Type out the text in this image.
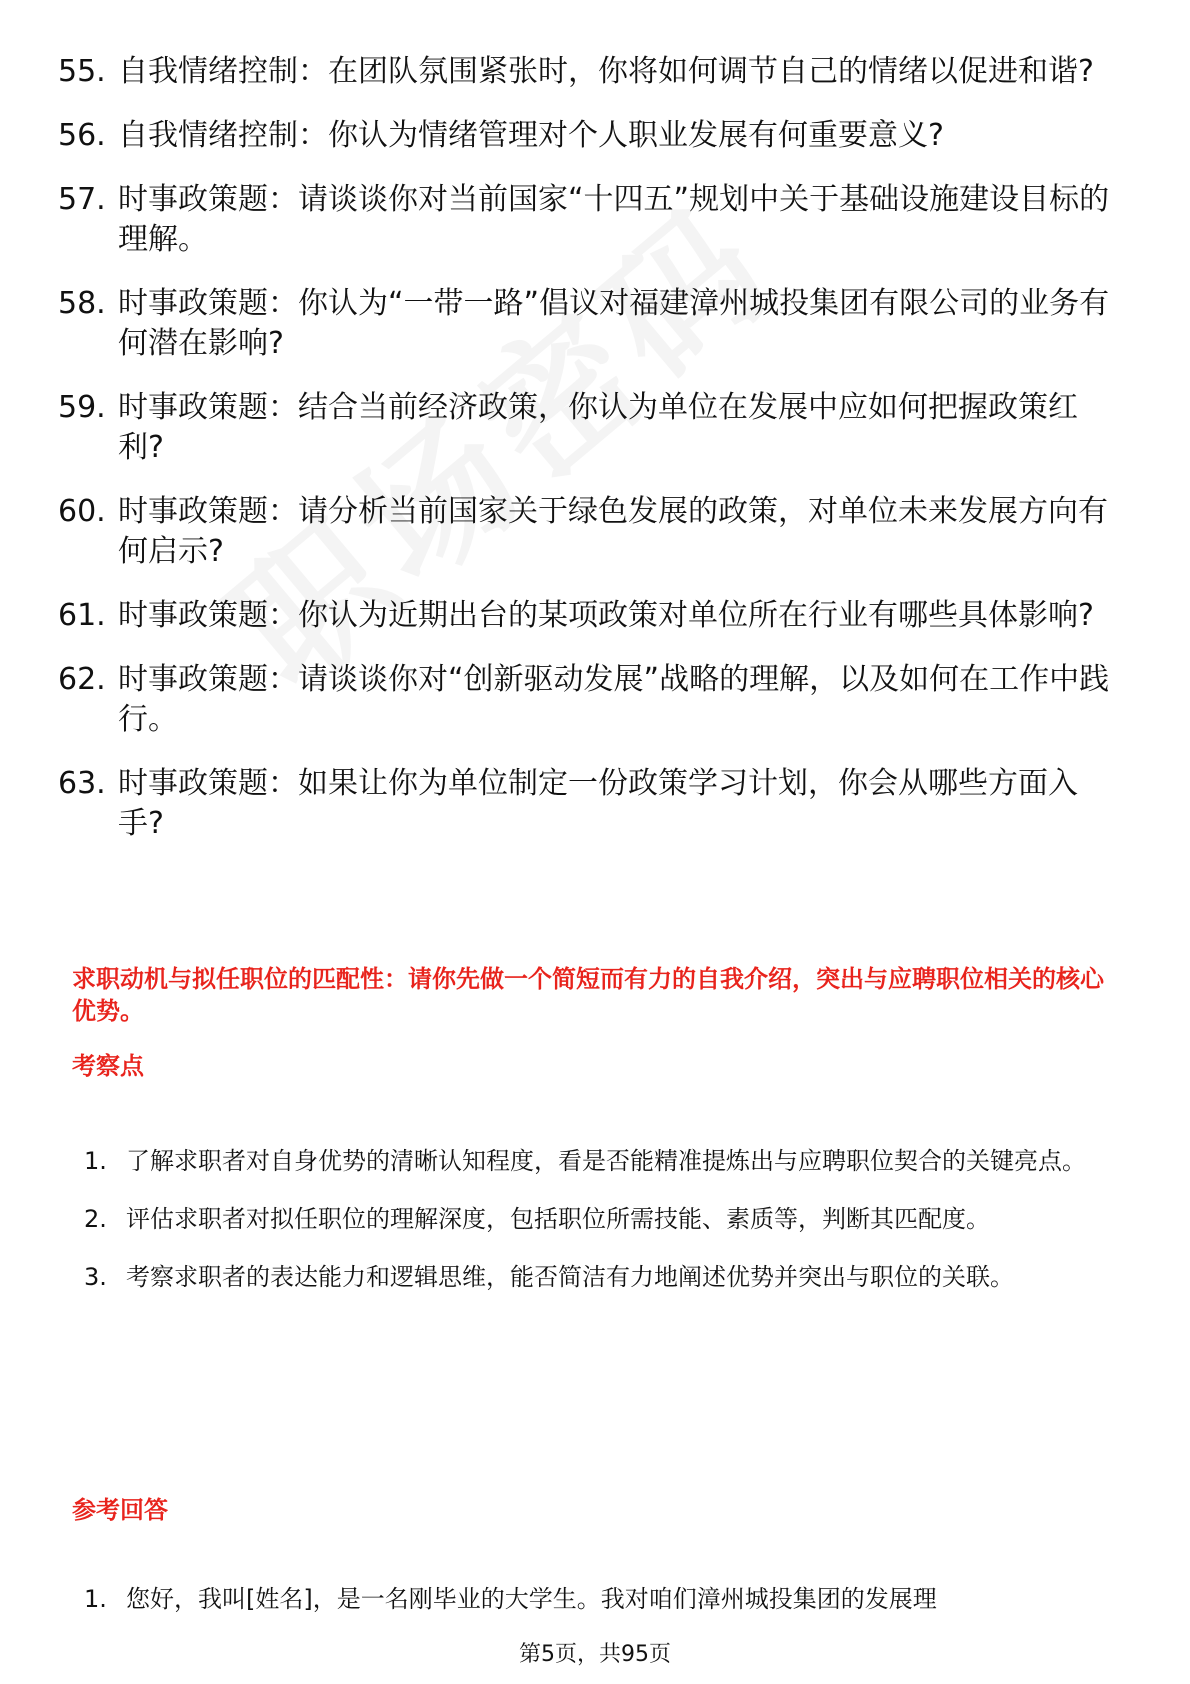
55. 自我情绪控制：在团队氛围紧张时，你将如何调节自己的情绪以促进和谐?
56. 自我情绪控制：你认为情绪管理对个人职业发展有何重要意义?
57. 时事政策题：请谈谈你对当前国家“十四五”规划中关于基础设施建设目标的理解。
58. 时事政策题：你认为“一带一路”倡议对福建漳州城投集团有限公司的业务有何潜在影响?
59. 时事政策题：结合当前经济政策，你认为单位在发展中应如何把握政策红利?
60. 时事政策题：请分析当前国家关于绿色发展的政策，对单位未来发展方向有何启示?
61. 时事政策题：你认为近期出台的某项政策对单位所在行业有哪些具体影响?
62. 时事政策题：请谈谈你对“创新驱动发展”战略的理解，以及如何在工作中践行。
63. 时事政策题：如果让你为单位制定一份政策学习计划，你会从哪些方面入手?
求职动机与拟任职位的匹配性：请你先做一个简短而有力的自我介绍，突出与应聘职位相关的核心优势。
考察点
1. 了解求职者对自身优势的清晰认知程度，看是否能精准提炼出与应聘职位契合的关键亮点。
2. 评估求职者对拟任职位的理解深度，包括职位所需技能、素质等，判断其匹配度。
3. 考察求职者的表达能力和逻辑思维，能否简洁有力地阐述优势并突出与职位的关联。
参考回答
1. 您好，我叫[姓名]，是一名刚毕业的大学生。我对咱们漳州城投集团的发展理
第5页，共95页
